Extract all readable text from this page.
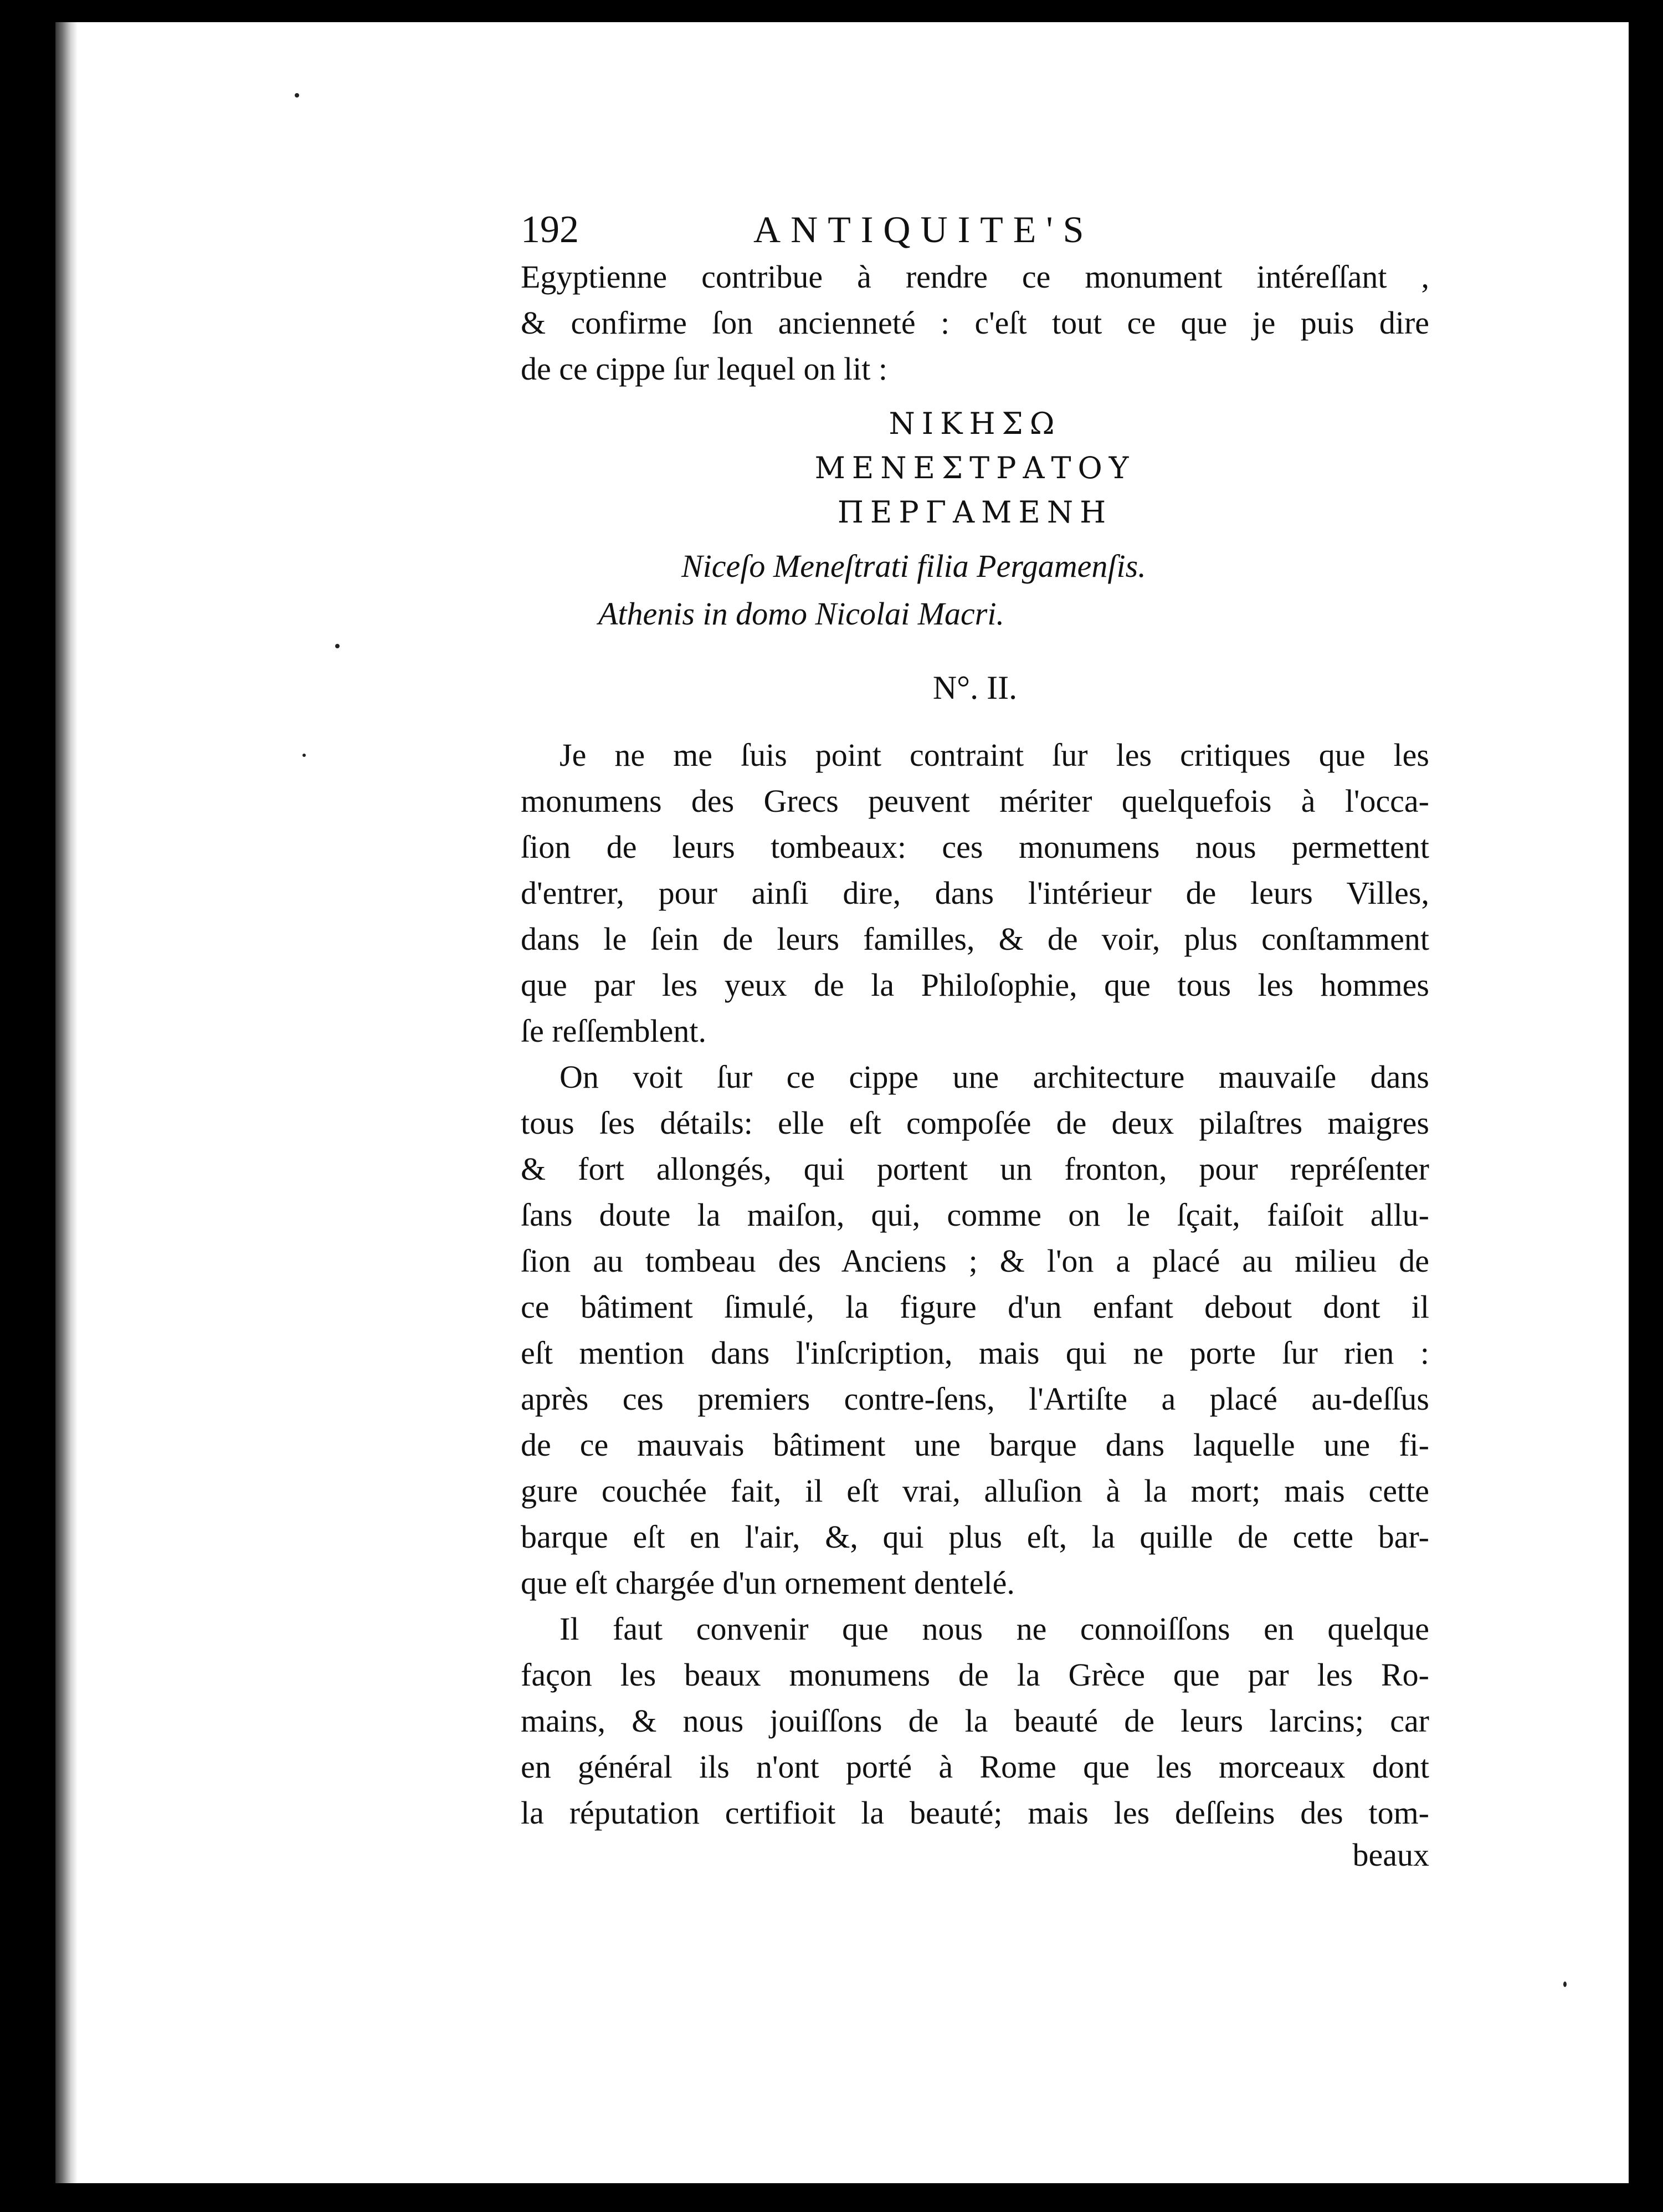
192	ANTIQUITE'S
Egyptienne contribue à rendre ce monument intéreſſant ,
& confirme ſon ancienneté : c'eſt tout ce que je puis dire
de ce cippe ſur lequel on lit :
ΝΙΚΗΣΩ
ΜΕΝΕΣΤΡΑΤΟΥ
ΠΕΡΓΑΜΕΝΗ
Niceſo Meneſtrati filia Pergamenſis.
Athenis in domo Nicolai Macri.
N°. II.
Je ne me ſuis point contraint ſur les critiques que les
monumens des Grecs peuvent mériter quelquefois à l'occa-
ſion de leurs tombeaux: ces monumens nous permettent
d'entrer, pour ainſi dire, dans l'intérieur de leurs Villes,
dans le ſein de leurs familles, & de voir, plus conſtamment
que par les yeux de la Philoſophie, que tous les hommes
ſe reſſemblent.
On voit ſur ce cippe une architecture mauvaiſe dans
tous ſes détails: elle eſt compoſée de deux pilaſtres maigres
& fort allongés, qui portent un fronton, pour repréſenter
ſans doute la maiſon, qui, comme on le ſçait, faiſoit allu-
ſion au tombeau des Anciens ; & l'on a placé au milieu de
ce bâtiment ſimulé, la figure d'un enfant debout dont il
eſt mention dans l'inſcription, mais qui ne porte ſur rien :
après ces premiers contre-ſens, l'Artiſte a placé au-deſſus
de ce mauvais bâtiment une barque dans laquelle une fi-
gure couchée fait, il eſt vrai, alluſion à la mort; mais cette
barque eſt en l'air, &, qui plus eſt, la quille de cette bar-
que eſt chargée d'un ornement dentelé.
Il faut convenir que nous ne connoiſſons en quelque
façon les beaux monumens de la Grèce que par les Ro-
mains, & nous jouiſſons de la beauté de leurs larcins; car
en général ils n'ont porté à Rome que les morceaux dont
la réputation certifioit la beauté; mais les deſſeins des tom-
beaux
